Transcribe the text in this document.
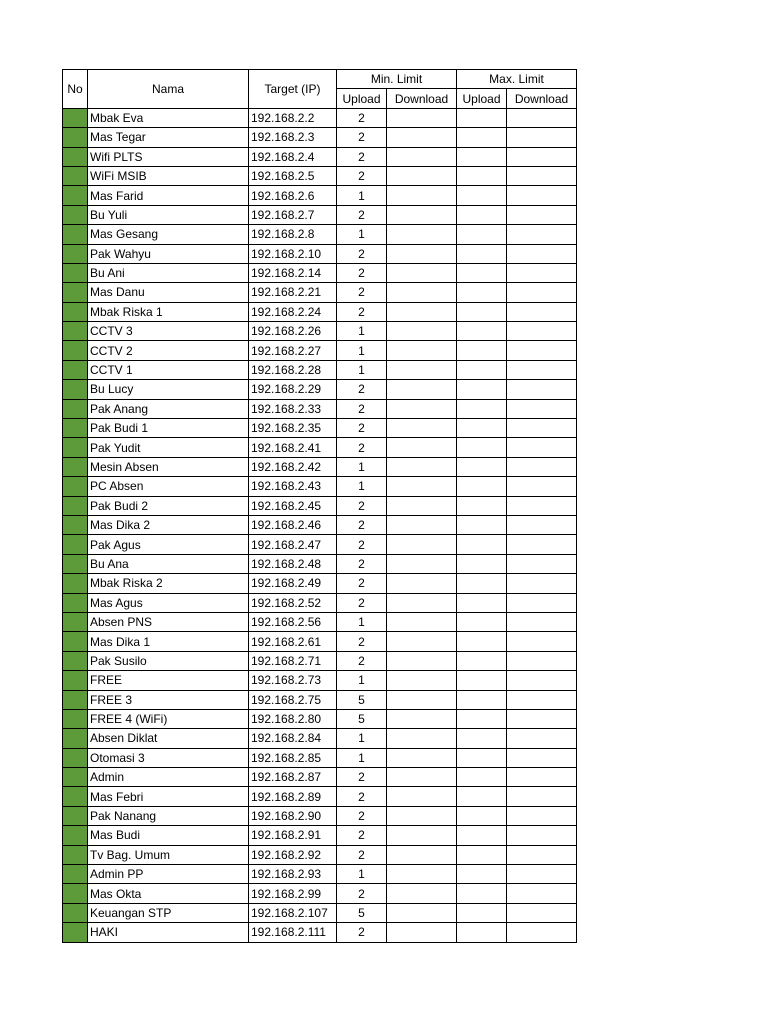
No	Nama	Target (IP)	Min. Limit		Max. Limit	
			Upload	Download	Upload	Download
	Mbak Eva	192.168.2.2	2			
	Mas Tegar	192.168.2.3	2			
	Wifi PLTS	192.168.2.4	2			
	WiFi MSIB	192.168.2.5	2			
	Mas Farid	192.168.2.6	1			
	Bu Yuli	192.168.2.7	2			
	Mas Gesang	192.168.2.8	1			
	Pak Wahyu	192.168.2.10	2			
	Bu Ani	192.168.2.14	2			
	Mas Danu	192.168.2.21	2			
	Mbak Riska 1	192.168.2.24	2			
	CCTV 3	192.168.2.26	1			
	CCTV 2	192.168.2.27	1			
	CCTV 1	192.168.2.28	1			
	Bu Lucy	192.168.2.29	2			
	Pak Anang	192.168.2.33	2			
	Pak Budi 1	192.168.2.35	2			
	Pak Yudit	192.168.2.41	2			
	Mesin Absen	192.168.2.42	1			
	PC Absen	192.168.2.43	1			
	Pak Budi 2	192.168.2.45	2			
	Mas Dika 2	192.168.2.46	2			
	Pak Agus	192.168.2.47	2			
	Bu Ana	192.168.2.48	2			
	Mbak Riska 2	192.168.2.49	2			
	Mas Agus	192.168.2.52	2			
	Absen PNS	192.168.2.56	1			
	Mas Dika 1	192.168.2.61	2			
	Pak Susilo	192.168.2.71	2			
	FREE	192.168.2.73	1			
	FREE 3	192.168.2.75	5			
	FREE 4 (WiFi)	192.168.2.80	5			
	Absen Diklat	192.168.2.84	1			
	Otomasi 3	192.168.2.85	1			
	Admin	192.168.2.87	2			
	Mas Febri	192.168.2.89	2			
	Pak Nanang	192.168.2.90	2			
	Mas Budi	192.168.2.91	2			
	Tv Bag. Umum	192.168.2.92	2			
	Admin PP	192.168.2.93	1			
	Mas Okta	192.168.2.99	2			
	Keuangan STP	192.168.2.107	5			
	HAKI	192.168.2.111	2			
